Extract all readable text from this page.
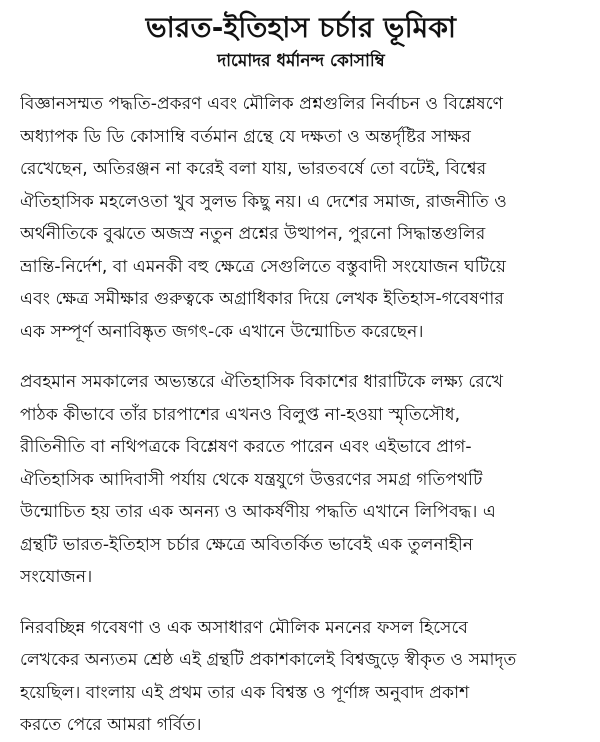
ভারত-ইতিহাস চর্চার ভূমিকা
দামোদর ধর্মানন্দ কোসাম্বি
বিজ্ঞানসম্মত পদ্ধতি-প্রকরণ এবং মৌলিক প্রশ্নগুলির নির্বাচন ও বিশ্লেষণে
অধ্যাপক ডি ডি কোসাম্বি বর্তমান গ্রন্থে যে দক্ষতা ও অন্তর্দৃষ্টির সাক্ষর
রেখেছেন, অতিরঞ্জন না করেই বলা যায়, ভারতবর্ষে তো বটেই, বিশ্বের
ঐতিহাসিক মহলেওতা খুব সুলভ কিছু নয়। এ দেশের সমাজ, রাজনীতি ও
অর্থনীতিকে বুঝতে অজস্র নতুন প্রশ্নের উত্থাপন, পুরনো সিদ্ধান্তগুলির
ভ্রান্তি-নির্দেশ, বা এমনকী বহু ক্ষেত্রে সেগুলিতে বস্তুবাদী সংযোজন ঘটিয়ে
এবং ক্ষেত্র সমীক্ষার গুরুত্বকে অগ্রাধিকার দিয়ে লেখক ইতিহাস-গবেষণার
এক সম্পূর্ণ অনাবিষ্কৃত জগৎ-কে এখানে উন্মোচিত করেছেন।
প্রবহমান সমকালের অভ্যন্তরে ঐতিহাসিক বিকাশের ধারাটিকে লক্ষ্য রেখে
পাঠক কীভাবে তাঁর চারপাশের এখনও বিলুপ্ত না-হওয়া স্মৃতিসৌধ,
রীতিনীতি বা নথিপত্রকে বিশ্লেষণ করতে পারেন এবং এইভাবে প্রাগ-
ঐতিহাসিক আদিবাসী পর্যায় থেকে যন্ত্রযুগে উত্তরণের সমগ্র গতিপথটি
উন্মোচিত হয় তার এক অনন্য ও আকর্ষণীয় পদ্ধতি এখানে লিপিবদ্ধ। এ
গ্রন্থটি ভারত-ইতিহাস চর্চার ক্ষেত্রে অবিতর্কিত ভাবেই এক তুলনাহীন
সংযোজন।
নিরবচ্ছিন্ন গবেষণা ও এক অসাধারণ মৌলিক মননের ফসল হিসেবে
লেখকের অন্যতম শ্রেষ্ঠ এই গ্রন্থটি প্রকাশকালেই বিশ্বজুড়ে স্বীকৃত ও সমাদৃত
হয়েছিল। বাংলায় এই প্রথম তার এক বিশ্বস্ত ও পূর্ণাঙ্গ অনুবাদ প্রকাশ
করতে পেরে আমরা গর্বিত।
